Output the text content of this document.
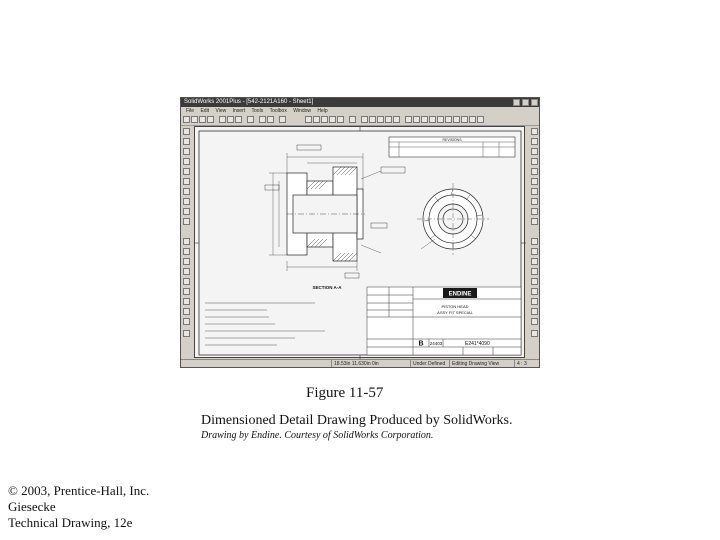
SolidWorks 2001Plus - [542-2121A160 - Sheet1]
File Edit View Insert Tools Toolbox Window Help
REVISIONS
SECTION A-A
ENDINE
PISTON HEAD
ASSY FIT SPECIAL
B 24403	E241*4090
18.53in 11.630in 0in	Under Defined	Editing Drawing View	4 : 3
Figure 11-57
Dimensioned Detail Drawing Produced by SolidWorks.
Drawing by Endine. Courtesy of SolidWorks Corporation.
© 2003, Prentice-Hall, Inc.
Giesecke
Technical Drawing, 12e
